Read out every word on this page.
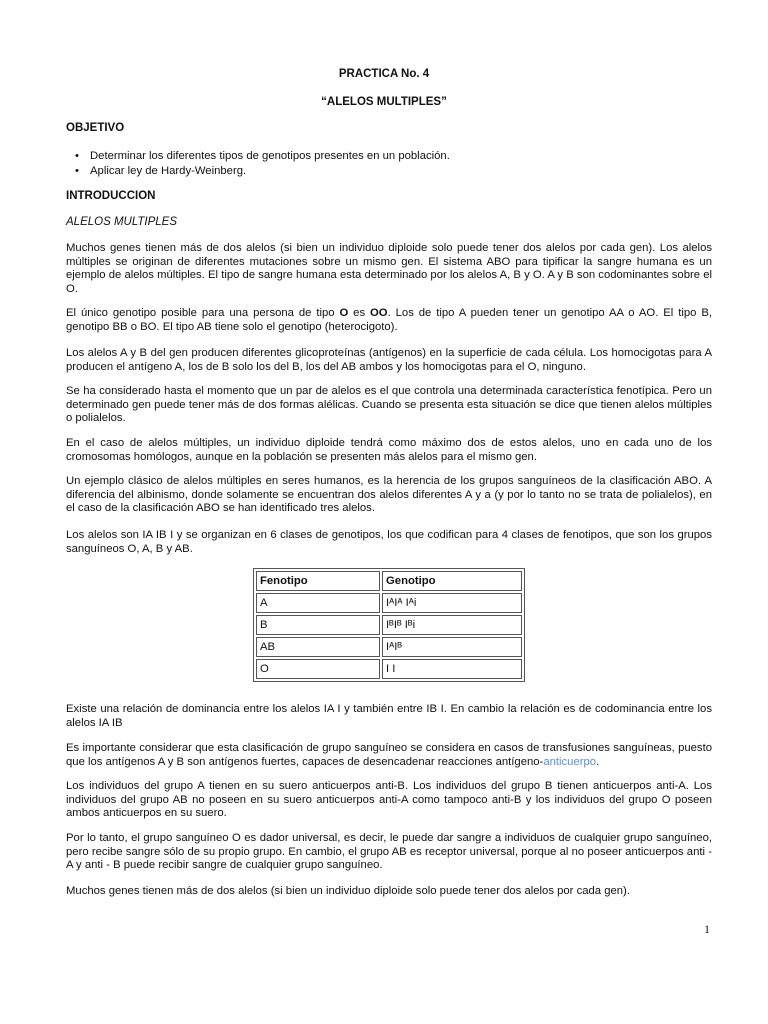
PRACTICA No. 4
“ALELOS MULTIPLES”
OBJETIVO
• Determinar los diferentes tipos de genotipos presentes en un población.
• Aplicar ley de Hardy-Weinberg.
INTRODUCCION
ALELOS MULTIPLES

Muchos genes tienen más de dos alelos (si bien un individuo diploide solo puede tener dos alelos por cada gen). Los alelos múltiples se originan de diferentes mutaciones sobre un mismo gen. El sistema ABO para tipificar la sangre humana es un ejemplo de alelos múltiples. El tipo de sangre humana esta determinado por los alelos A, B y O. A y B son codominantes sobre el O.

El único genotipo posible para una persona de tipo O es OO. Los de tipo A pueden tener un genotipo AA o AO. El tipo B, genotipo BB o BO. El tipo AB tiene solo el genotipo (heterocigoto).

Los alelos A y B del gen producen diferentes glicoproteínas (antígenos) en la superficie de cada célula. Los homocigotas para A producen el antígeno A, los de B solo los del B, los del AB ambos y los homocigotas para el O, ninguno.

Se ha considerado hasta el momento que un par de alelos es el que controla una determinada característica fenotípica. Pero un determinado gen puede tener más de dos formas alélicas. Cuando se presenta esta situación se dice que tienen alelos múltiples o polialelos.

En el caso de alelos múltiples, un individuo diploide tendrá como máximo dos de estos alelos, uno en cada uno de los cromosomas homólogos, aunque en la población se presenten más alelos para el mismo gen.

Un ejemplo clásico de alelos múltiples en seres humanos, es la herencia de los grupos sanguíneos de la clasificación ABO. A diferencia del albinismo, donde solamente se encuentran dos alelos diferentes A y a (y por lo tanto no se trata de polialelos), en el caso de la clasificación ABO se han identificado tres alelos.

Los alelos son IA IB I y se organizan en 6 clases de genotipos, los que codifican para 4 clases de fenotipos, que son los grupos sanguíneos O, A, B y AB.

Fenotipo	Genotipo
A	IᴬIᴬ Iᴬi
B	IᴮIᴮ Iᴮi
AB	IᴬIᴮ
O	I I

Existe una relación de dominancia entre los alelos IA I y también entre IB I. En cambio la relación es de codominancia entre los alelos IA IB

Es importante considerar que esta clasificación de grupo sanguíneo se considera en casos de transfusiones sanguíneas, puesto que los antígenos A y B son antígenos fuertes, capaces de desencadenar reacciones antígeno-anticuerpo.

Los individuos del grupo A tienen en su suero anticuerpos anti-B. Los individuos del grupo B tienen anticuerpos anti-A. Los individuos del grupo AB no poseen en su suero anticuerpos anti-A como tampoco anti-B y los individuos del grupo O poseen ambos anticuerpos en su suero.

Por lo tanto, el grupo sanguíneo O es dador universal, es decir, le puede dar sangre a individuos de cualquier grupo sanguíneo, pero recibe sangre sólo de su propio grupo. En cambio, el grupo AB es receptor universal, porque al no poseer anticuerpos anti - A y anti - B puede recibir sangre de cualquier grupo sanguíneo.

Muchos genes tienen más de dos alelos (si bien un individuo diploide solo puede tener dos alelos por cada gen).

1
